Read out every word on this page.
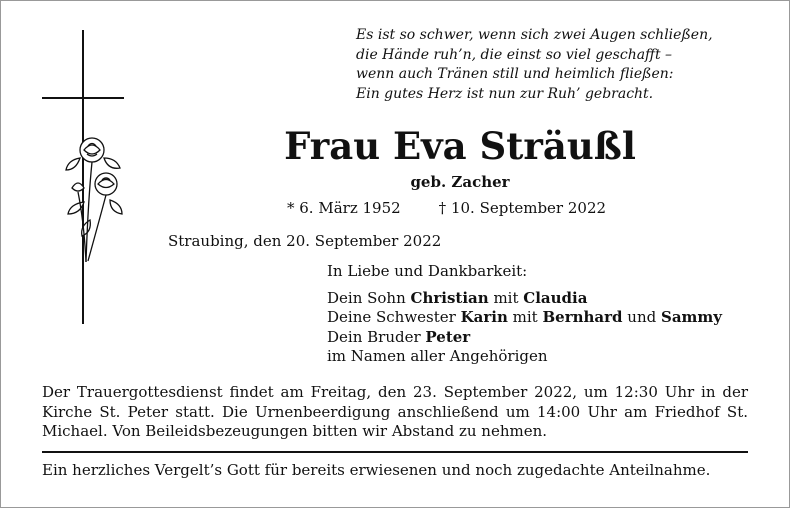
Es ist so schwer, wenn sich zwei Augen schließen,
die Hände ruh’n, die einst so viel geschafft –
wenn auch Tränen still und heimlich fließen:
Ein gutes Herz ist nun zur Ruh’ gebracht.
Frau Eva Sträußl
geb. Zacher
* 6. März 1952	† 10. September 2022
Straubing, den 20. September 2022
In Liebe und Dankbarkeit:
Dein Sohn Christian mit Claudia
Deine Schwester Karin mit Bernhard und Sammy
Dein Bruder Peter
im Namen aller Angehörigen
Der Trauergottesdienst findet am Freitag, den 23. September 2022, um 12:30 Uhr in der Kirche St. Peter statt. Die Urnenbeerdigung anschließend um 14:00 Uhr am Friedhof St. Michael. Von Beileidsbezeugungen bitten wir Abstand zu nehmen.
Ein herzliches Vergelt’s Gott für bereits erwiesenen und noch zugedachte Anteilnahme.
